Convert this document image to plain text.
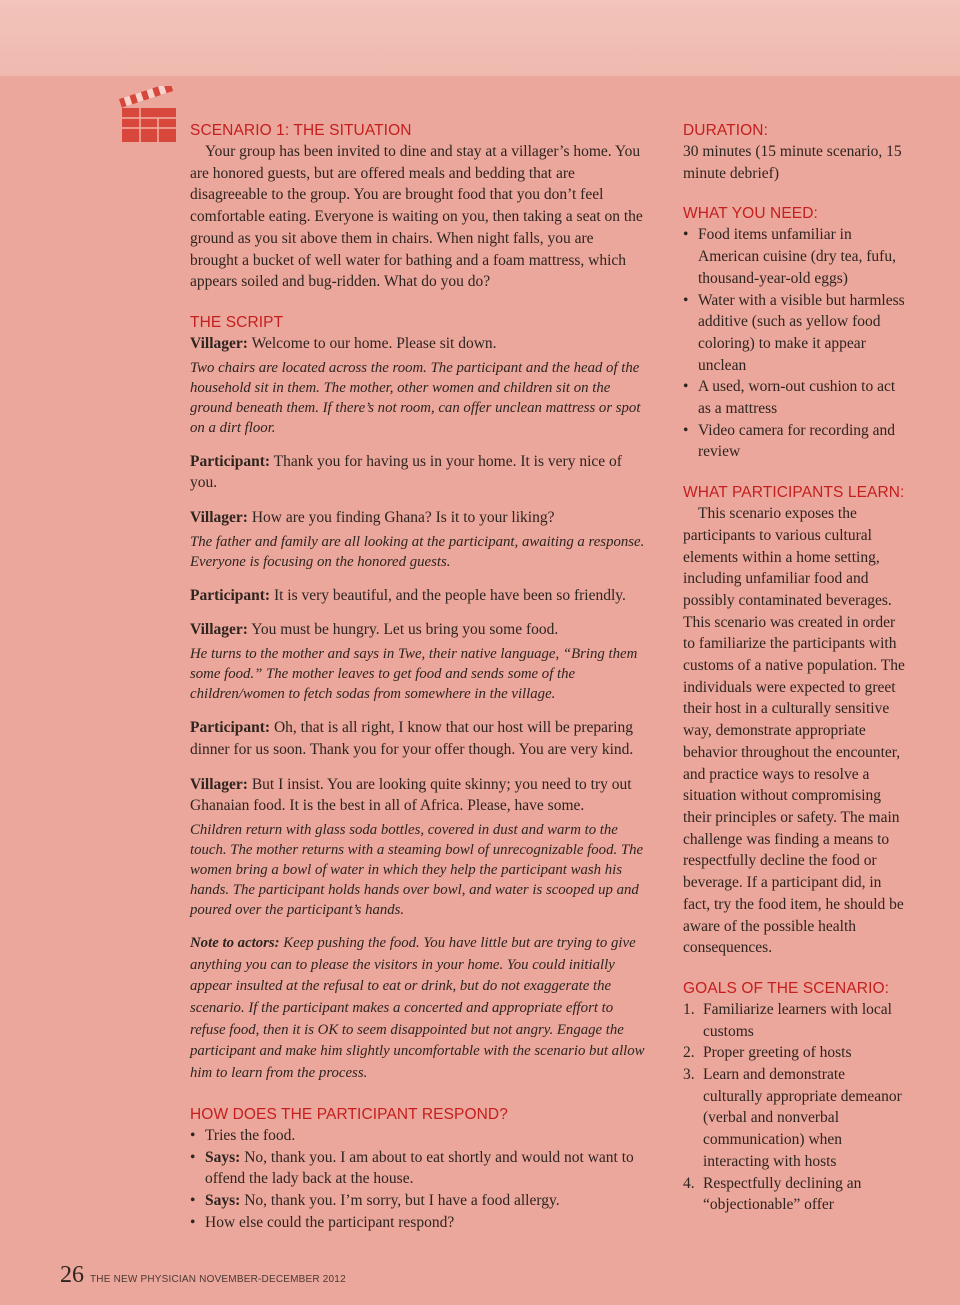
SCENARIO 1: THE SITUATION

Your group has been invited to dine and stay at a villager’s home. You are honored guests, but are offered meals and bedding that are disagreeable to the group. You are brought food that you don’t feel comfortable eating. Everyone is waiting on you, then taking a seat on the ground as you sit above them in chairs. When night falls, you are brought a bucket of well water for bathing and a foam mattress, which appears soiled and bug-ridden. What do you do?

THE SCRIPT

Villager: Welcome to our home. Please sit down.

Two chairs are located across the room. The participant and the head of the household sit in them. The mother, other women and children sit on the ground beneath them. If there’s not room, can offer unclean mattress or spot on a dirt floor.

Participant: Thank you for having us in your home. It is very nice of you.

Villager: How are you finding Ghana? Is it to your liking?

The father and family are all looking at the participant, awaiting a response. Everyone is focusing on the honored guests.

Participant: It is very beautiful, and the people have been so friendly.

Villager: You must be hungry. Let us bring you some food.

He turns to the mother and says in Twe, their native language, “Bring them some food.” The mother leaves to get food and sends some of the children/women to fetch sodas from somewhere in the village.

Participant: Oh, that is all right, I know that our host will be preparing dinner for us soon. Thank you for your offer though. You are very kind.

Villager: But I insist. You are looking quite skinny; you need to try out Ghanaian food. It is the best in all of Africa. Please, have some.

Children return with glass soda bottles, covered in dust and warm to the touch. The mother returns with a steaming bowl of unrecognizable food. The women bring a bowl of water in which they help the participant wash his hands. The participant holds hands over bowl, and water is scooped up and poured over the participant’s hands.

Note to actors: Keep pushing the food. You have little but are trying to give anything you can to please the visitors in your home. You could initially appear insulted at the refusal to eat or drink, but do not exaggerate the scenario. If the participant makes a concerted and appropriate effort to refuse food, then it is OK to seem disappointed but not angry. Engage the participant and make him slightly uncomfortable with the scenario but allow him to learn from the process.

HOW DOES THE PARTICIPANT RESPOND?
• Tries the food.
• Says: No, thank you. I am about to eat shortly and would not want to offend the lady back at the house.
• Says: No, thank you. I’m sorry, but I have a food allergy.
• How else could the participant respond?
DURATION:

30 minutes (15 minute scenario, 15 minute debrief)

WHAT YOU NEED:
• Food items unfamiliar in American cuisine (dry tea, fufu, thousand-year-old eggs)
• Water with a visible but harmless additive (such as yellow food coloring) to make it appear unclean
• A used, worn-out cushion to act as a mattress
• Video camera for recording and review
WHAT PARTICIPANTS LEARN:

This scenario exposes the participants to various cultural elements within a home setting, including unfamiliar food and possibly contaminated beverages. This scenario was created in order to familiarize the participants with customs of a native population. The individuals were expected to greet their host in a culturally sensitive way, demonstrate appropriate behavior throughout the encounter, and practice ways to resolve a situation without compromising their principles or safety. The main challenge was finding a means to respectfully decline the food or beverage. If a participant did, in fact, try the food item, he should be aware of the possible health consequences.

GOALS OF THE SCENARIO:
1. Familiarize learners with local customs
2. Proper greeting of hosts
3. Learn and demonstrate culturally appropriate demeanor (verbal and nonverbal communication) when interacting with hosts
4. Respectfully declining an “objectionable” offer
26 THE NEW PHYSICIAN NOVEMBER-DECEMBER 2012
